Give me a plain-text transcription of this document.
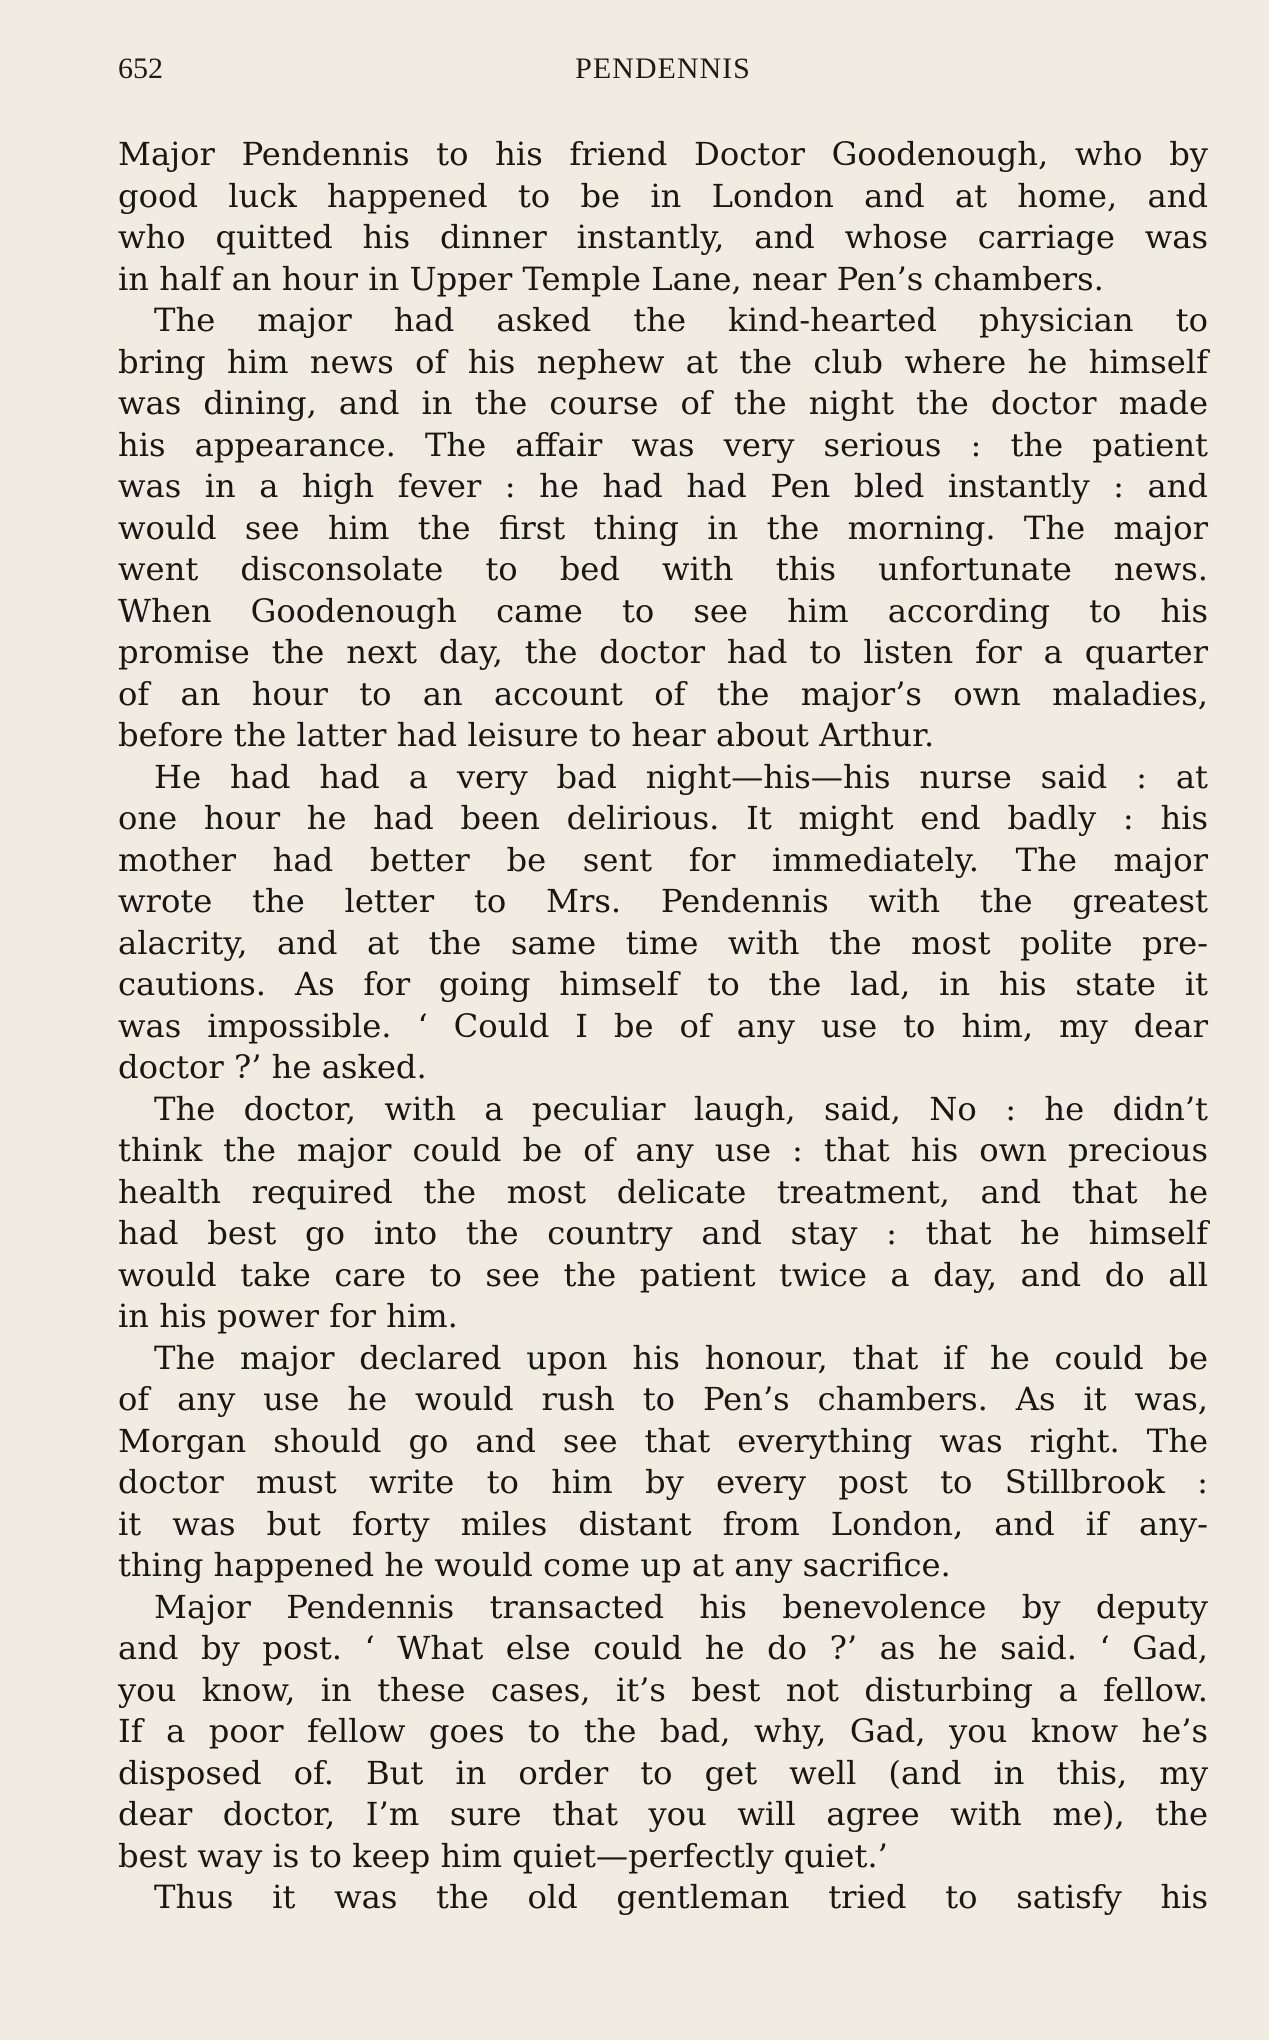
652	PENDENNIS
Major Pendennis to his friend Doctor Goodenough, who by
good luck happened to be in London and at home, and
who quitted his dinner instantly, and whose carriage was
in half an hour in Upper Temple Lane, near Pen’s chambers.
The major had asked the kind-hearted physician to
bring him news of his nephew at the club where he himself
was dining, and in the course of the night the doctor made
his appearance. The affair was very serious : the patient
was in a high fever : he had had Pen bled instantly : and
would see him the first thing in the morning. The major
went disconsolate to bed with this unfortunate news.
When Goodenough came to see him according to his
promise the next day, the doctor had to listen for a quarter
of an hour to an account of the major’s own maladies,
before the latter had leisure to hear about Arthur.
He had had a very bad night—his—his nurse said : at
one hour he had been delirious. It might end badly : his
mother had better be sent for immediately. The major
wrote the letter to Mrs. Pendennis with the greatest
alacrity, and at the same time with the most polite pre-
cautions. As for going himself to the lad, in his state it
was impossible. ‘ Could I be of any use to him, my dear
doctor ?’ he asked.
The doctor, with a peculiar laugh, said, No : he didn’t
think the major could be of any use : that his own precious
health required the most delicate treatment, and that he
had best go into the country and stay : that he himself
would take care to see the patient twice a day, and do all
in his power for him.
The major declared upon his honour, that if he could be
of any use he would rush to Pen’s chambers. As it was,
Morgan should go and see that everything was right. The
doctor must write to him by every post to Stillbrook :
it was but forty miles distant from London, and if any-
thing happened he would come up at any sacrifice.
Major Pendennis transacted his benevolence by deputy
and by post. ‘ What else could he do ?’ as he said. ‘ Gad,
you know, in these cases, it’s best not disturbing a fellow.
If a poor fellow goes to the bad, why, Gad, you know he’s
disposed of. But in order to get well (and in this, my
dear doctor, I’m sure that you will agree with me), the
best way is to keep him quiet—perfectly quiet.’
Thus it was the old gentleman tried to satisfy his
